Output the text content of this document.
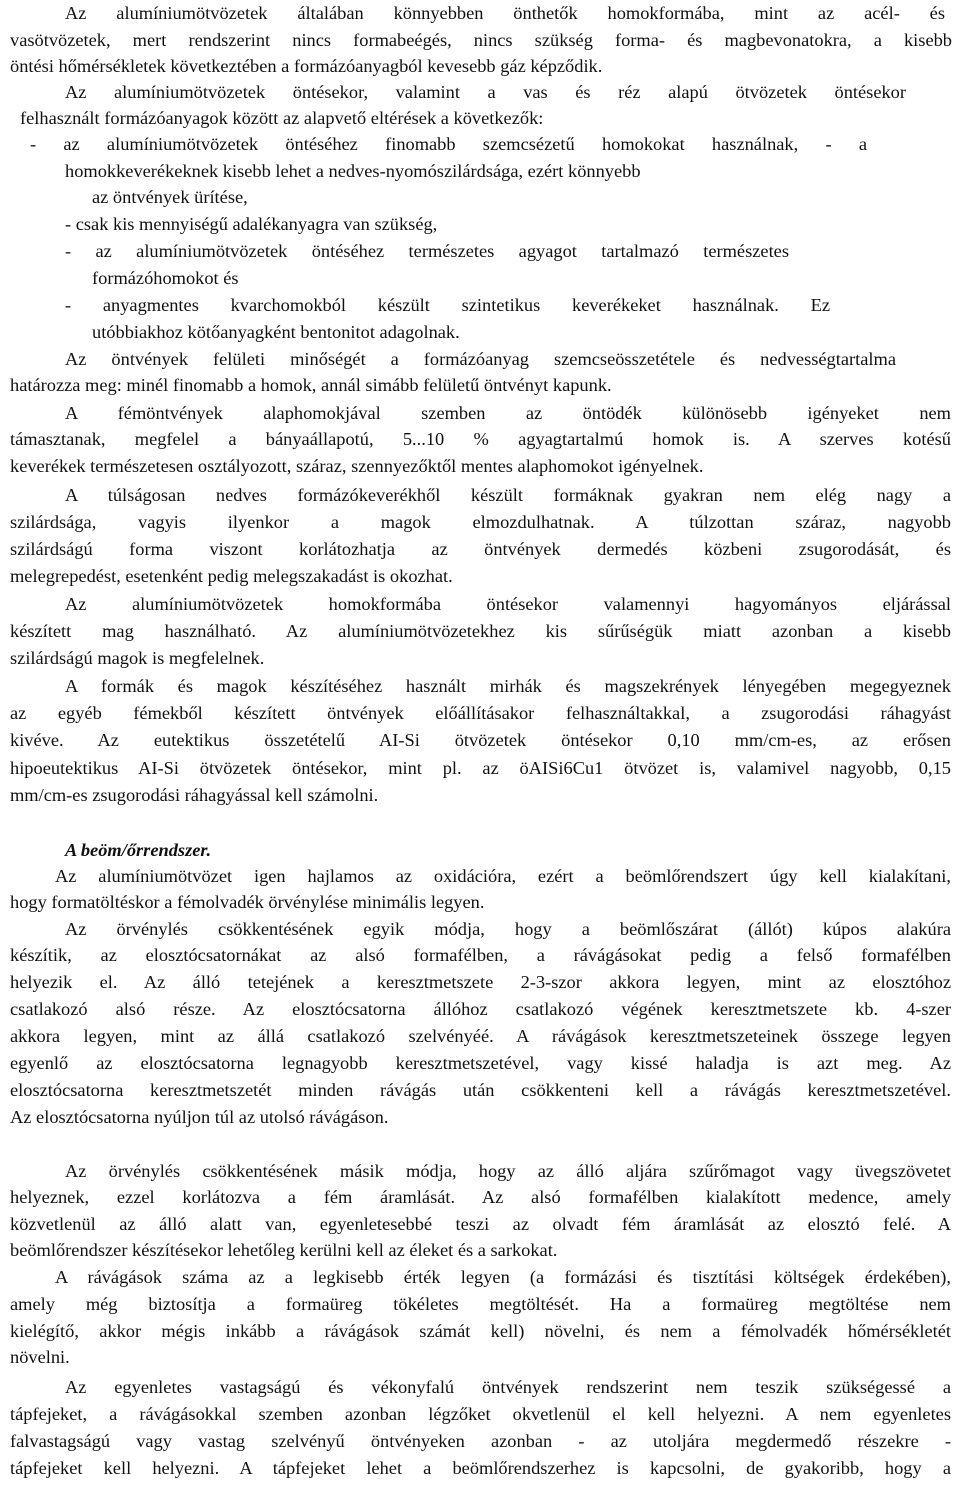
Az alumíniumötvözetek általában könnyebben önthetők homokformába, mint az acél- és
vasötvözetek, mert rendszerint nincs formabeégés, nincs szükség forma- és magbevonatokra, a kisebb
öntési hőmérsékletek következtében a formázóanyagból kevesebb gáz képződik.
Az alumíniumötvözetek öntésekor, valamint a vas és réz alapú ötvözetek öntésekor
felhasznált formázóanyagok között az alapvető eltérések a következők:
- az alumíniumötvözetek öntéséhez finomabb szemcsézetű homokokat használnak, - a
homokkeverékeknek kisebb lehet a nedves-nyomószilárdsága, ezért könnyebb
az öntvények ürítése,
- csak kis mennyiségű adalékanyagra van szükség,
- az alumíniumötvözetek öntéséhez természetes agyagot tartalmazó természetes
formázóhomokot és
- anyagmentes kvarchomokból készült szintetikus keverékeket használnak. Ez
utóbbiakhoz kötőanyagként bentonitot adagolnak.
Az öntvények felületi minőségét a formázóanyag szemcseösszetétele és nedvességtartalma
határozza meg: minél finomabb a homok, annál simább felületű öntvényt kapunk.
A fémöntvények alaphomokjával szemben az öntödék különösebb igényeket nem
támasztanak, megfelel a bányaállapotú, 5...10 % agyagtartalmú homok is. A szerves kotésű
keverékek természetesen osztályozott, száraz, szennyezőktől mentes alaphomokot igényelnek.
A túlságosan nedves formázókeverékhől készült formáknak gyakran nem elég nagy a
szilárdsága, vagyis ilyenkor a magok elmozdulhatnak. A túlzottan száraz, nagyobb
szilárdságú forma viszont korlátozhatja az öntvények dermedés közbeni zsugorodását, és
melegrepedést, esetenként pedig melegszakadást is okozhat.
Az alumíniumötvözetek homokformába öntésekor valamennyi hagyományos eljárással
készített mag használható. Az alumíniumötvözetekhez kis sűrűségük miatt azonban a kisebb
szilárdságú magok is megfelelnek.
A formák és magok készítéséhez használt mirhák és magszekrények lényegében megegyeznek
az egyéb fémekből készített öntvények előállításakor felhasználtakkal, a zsugorodási ráhagyást
kivéve. Az eutektikus összetételű AI-Si ötvözetek öntésekor 0,10 mm/cm-es, az erősen
hipoeutektikus AI-Si ötvözetek öntésekor, mint pl. az öAISi6Cu1 ötvözet is, valamivel nagyobb, 0,15
mm/cm-es zsugorodási ráhagyással kell számolni.
A beöm/őrrendszer.
Az alumíniumötvözet igen hajlamos az oxidációra, ezért a beömlőrendszert úgy kell kialakítani,
hogy formatöltéskor a fémolvadék örvénylése minimális legyen.
Az örvénylés csökkentésének egyik módja, hogy a beömlőszárat (állót) kúpos alakúra
készítik, az elosztócsatornákat az alsó formafélben, a rávágásokat pedig a felső formafélben
helyezik el. Az álló tetejének a keresztmetszete 2-3-szor akkora legyen, mint az elosztóhoz
csatlakozó alsó része. Az elosztócsatorna állóhoz csatlakozó végének keresztmetszete kb. 4-szer
akkora legyen, mint az állá csatlakozó szelvényéé. A rávágások keresztmetszeteinek összege legyen
egyenlő az elosztócsatorna legnagyobb keresztmetszetével, vagy kissé haladja is azt meg. Az
elosztócsatorna keresztmetszetét minden rávágás után csökkenteni kell a rávágás keresztmetszetével.
Az elosztócsatorna nyúljon túl az utolsó rávágáson.
Az örvénylés csökkentésének másik módja, hogy az álló aljára szűrőmagot vagy üvegszövetet
helyeznek, ezzel korlátozva a fém áramlását. Az alsó formafélben kialakított medence, amely
közvetlenül az álló alatt van, egyenletesebbé teszi az olvadt fém áramlását az elosztó felé. A
beömlőrendszer készítésekor lehetőleg kerülni kell az éleket és a sarkokat.
A rávágások száma az a legkisebb érték legyen (a formázási és tisztítási költségek érdekében),
amely még biztosítja a formaüreg tökéletes megtöltését. Ha a formaüreg megtöltése nem
kielégítő, akkor mégis inkább a rávágások számát kell) növelni, és nem a fémolvadék hőmérsékletét
növelni.
Az egyenletes vastagságú és vékonyfalú öntvények rendszerint nem teszik szükségessé a
tápfejeket, a rávágásokkal szemben azonban légzőket okvetlenül el kell helyezni. A nem egyenletes
falvastagságú vagy vastag szelvényű öntvényeken azonban - az utoljára megdermedő részekre -
tápfejeket kell helyezni. A tápfejeket lehet a beömlőrendszerhez is kapcsolni, de gyakoribb, hogy a
